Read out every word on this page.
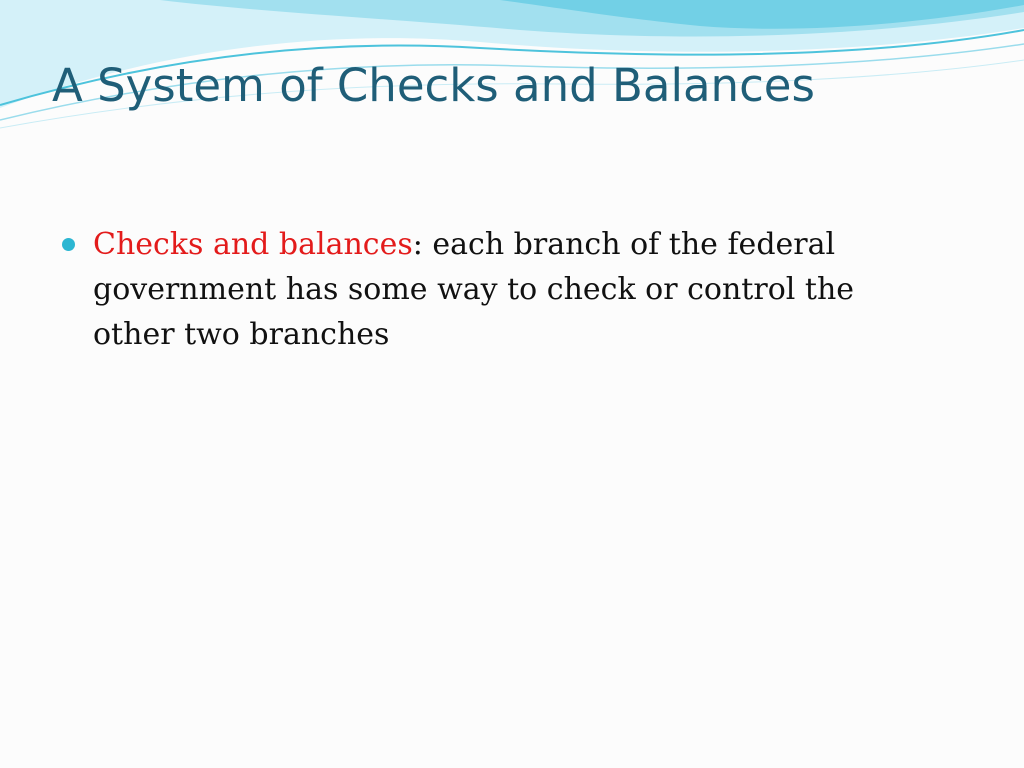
A System of Checks and Balances
Checks and balances: each branch of the federal government has some way to check or control the other two branches
